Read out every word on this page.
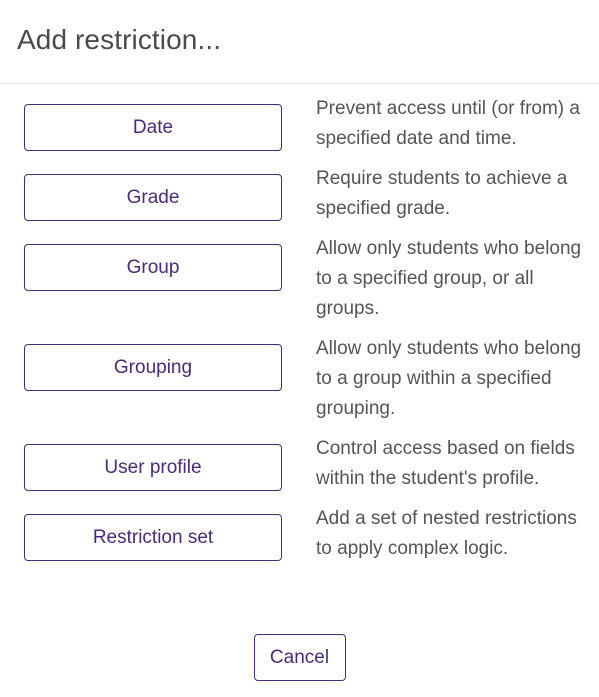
Add restriction...
Date
Prevent access until (or from) a specified date and time.
Grade
Require students to achieve a specified grade.
Group
Allow only students who belong to a specified group, or all groups.
Grouping
Allow only students who belong to a group within a specified grouping.
User profile
Control access based on fields within the student's profile.
Restriction set
Add a set of nested restrictions to apply complex logic.
Cancel
